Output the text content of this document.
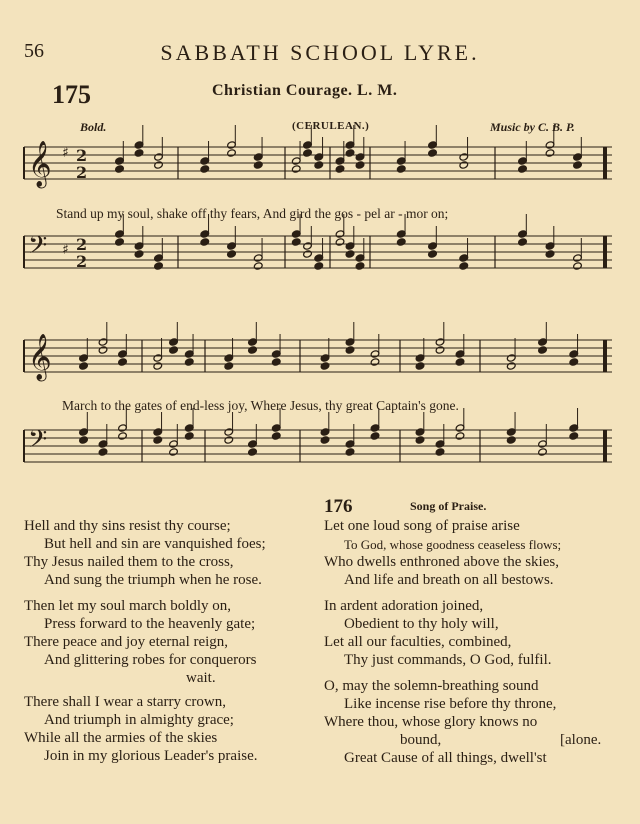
56	SABBATH SCHOOL LYRE.
175	Christian Courage. L. M.
Bold.	(CERULEAN.)	Music by C. B. P.
𝄞 ♯ 2
2
𝄢 ♯ 2
2
Stand up my soul, shake off thy fears, And gird the gos - pel ar - mor on;
𝄞
𝄢
March to the gates of end-less joy, Where Jesus, thy great Captain's gone.
Hell and thy sins resist thy course;
But hell and sin are vanquished foes;
Thy Jesus nailed them to the cross,
And sung the triumph when he rose.
Then let my soul march boldly on,
Press forward to the heavenly gate;
There peace and joy eternal reign,
And glittering robes for conquerors
wait.
There shall I wear a starry crown,
And triumph in almighty grace;
While all the armies of the skies
Join in my glorious Leader's praise.
176	Song of Praise.
Let one loud song of praise arise
To God, whose goodness ceaseless flows;
Who dwells enthroned above the skies,
And life and breath on all bestows.
In ardent adoration joined,
Obedient to thy holy will,
Let all our faculties, combined,
Thy just commands, O God, fulfil.
O, may the solemn-breathing sound
Like incense rise before thy throne,
Where thou, whose glory knows no
bound,	[alone.
Great Cause of all things, dwell'st
